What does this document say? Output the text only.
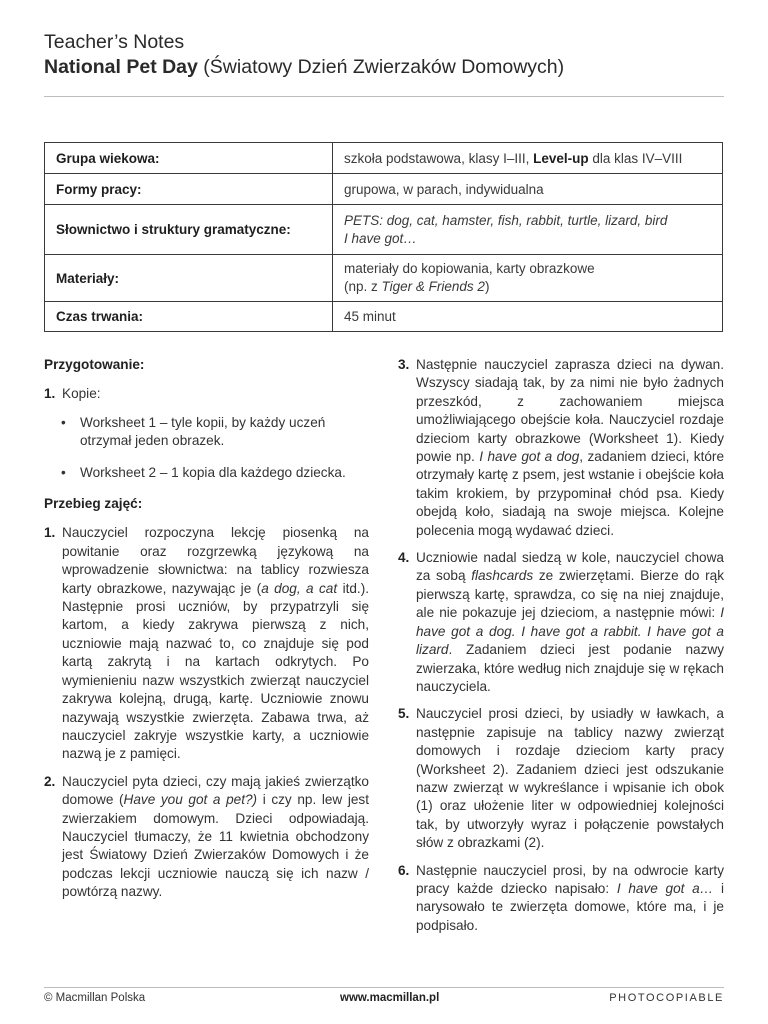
Teacher’s Notes
National Pet Day (Światowy Dzień Zwierzaków Domowych)
Grupa wiekowa:	szkoła podstawowa, klasy I–III, Level-up dla klas IV–VIII
Formy pracy:	grupowa, w parach, indywidualna
Słownictwo i struktury gramatyczne:	PETS: dog, cat, hamster, fish, rabbit, turtle, lizard, bird
I have got…

Materiały:	materiały do kopiowania, karty obrazkowe
(np. z Tiger & Friends 2)

Czas trwania:	45 minut
Przygotowanie:
1. Kopie:
• Worksheet 1 – tyle kopii, by każdy uczeń otrzymał jeden obrazek.
• Worksheet 2 – 1 kopia dla każdego dziecka.
Przebieg zajęć:
1. Nauczyciel rozpoczyna lekcję piosenką na powitanie oraz rozgrzewką językową na wprowadzenie słownictwa: na tablicy rozwiesza karty obrazkowe, nazywając je (a dog, a cat itd.). Następnie prosi uczniów, by przypatrzyli się kartom, a kiedy zakrywa pierwszą z nich, uczniowie mają nazwać to, co znajduje się pod kartą zakrytą i na kartach odkrytych. Po wymienieniu nazw wszystkich zwierząt nauczyciel zakrywa kolejną, drugą, kartę. Uczniowie znowu nazywają wszystkie zwierzęta. Zabawa trwa, aż nauczyciel zakryje wszystkie karty, a uczniowie nazwą je z pamięci.
2. Nauczyciel pyta dzieci, czy mają jakieś zwierzątko domowe (Have you got a pet?) i czy np. lew jest zwierzakiem domowym. Dzieci odpowiadają. Nauczyciel tłumaczy, że 11 kwietnia obchodzony jest Światowy Dzień Zwierzaków Domowych i że podczas lekcji uczniowie nauczą się ich nazw / powtórzą nazwy.
3. Następnie nauczyciel zaprasza dzieci na dywan. Wszyscy siadają tak, by za nimi nie było żadnych przeszkód, z zachowaniem miejsca umożliwiającego obejście koła. Nauczyciel rozdaje dzieciom karty obrazkowe (Worksheet 1). Kiedy powie np. I have got a dog, zadaniem dzieci, które otrzymały kartę z psem, jest wstanie i obejście koła takim krokiem, by przypominał chód psa. Kiedy obejdą koło, siadają na swoje miejsca. Kolejne polecenia mogą wydawać dzieci.
4. Uczniowie nadal siedzą w kole, nauczyciel chowa za sobą flashcards ze zwierzętami. Bierze do rąk pierwszą kartę, sprawdza, co się na niej znajduje, ale nie pokazuje jej dzieciom, a następnie mówi: I have got a dog. I have got a rabbit. I have got a lizard. Zadaniem dzieci jest podanie nazwy zwierzaka, które według nich znajduje się w rękach nauczyciela.
5. Nauczyciel prosi dzieci, by usiadły w ławkach, a następnie zapisuje na tablicy nazwy zwierząt domowych i rozdaje dzieciom karty pracy (Worksheet 2). Zadaniem dzieci jest odszukanie nazw zwierząt w wykreślance i wpisanie ich obok (1) oraz ułożenie liter w odpowiedniej kolejności tak, by utworzyły wyraz i połączenie powstałych słów z obrazkami (2).
6. Następnie nauczyciel prosi, by na odwrocie karty pracy każde dziecko napisało: I have got a… i narysowało te zwierzęta domowe, które ma, i je podpisało.
© Macmillan Polska	www.macmillan.pl	PHOTOCOPIABLE
